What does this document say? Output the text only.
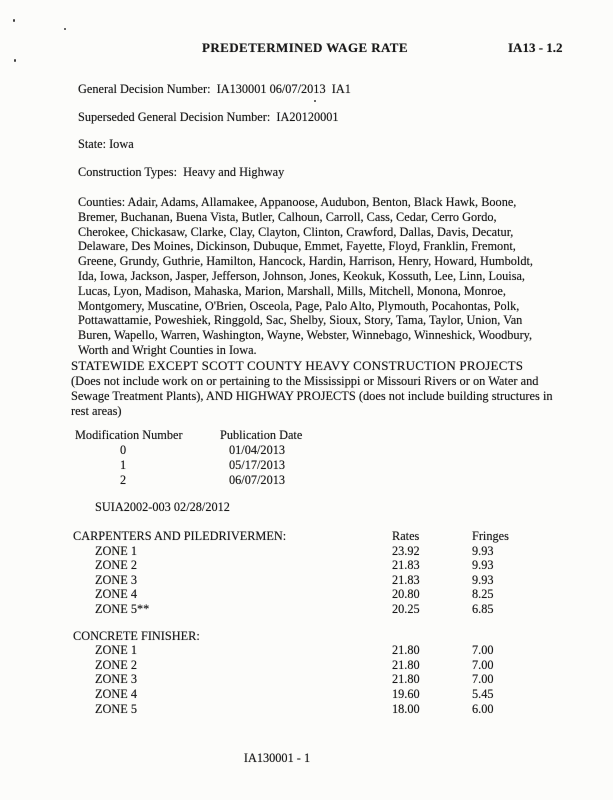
PREDETERMINED WAGE RATE	IA13 - 1.2
General Decision Number:  IA130001 06/07/2013  IA1
Superseded General Decision Number:  IA20120001
State: Iowa
Construction Types:  Heavy and Highway
Counties: Adair, Adams, Allamakee, Appanoose, Audubon, Benton, Black Hawk, Boone, Bremer, Buchanan, Buena Vista, Butler, Calhoun, Carroll, Cass, Cedar, Cerro Gordo, Cherokee, Chickasaw, Clarke, Clay, Clayton, Clinton, Crawford, Dallas, Davis, Decatur, Delaware, Des Moines, Dickinson, Dubuque, Emmet, Fayette, Floyd, Franklin, Fremont, Greene, Grundy, Guthrie, Hamilton, Hancock, Hardin, Harrison, Henry, Howard, Humboldt, Ida, Iowa, Jackson, Jasper, Jefferson, Johnson, Jones, Keokuk, Kossuth, Lee, Linn, Louisa, Lucas, Lyon, Madison, Mahaska, Marion, Marshall, Mills, Mitchell, Monona, Monroe, Montgomery, Muscatine, O'Brien, Osceola, Page, Palo Alto, Plymouth, Pocahontas, Polk, Pottawattamie, Poweshiek, Ringgold, Sac, Shelby, Sioux, Story, Tama, Taylor, Union, Van Buren, Wapello, Warren, Washington, Wayne, Webster, Winnebago, Winneshick, Woodbury, Worth and Wright Counties in Iowa.
STATEWIDE EXCEPT SCOTT COUNTY HEAVY CONSTRUCTION PROJECTS
(Does not include work on or pertaining to the Mississippi or Missouri Rivers or on Water and Sewage Treatment Plants), AND HIGHWAY PROJECTS (does not include building structures in rest areas)
Modification Number	Publication Date
0	01/04/2013
1	05/17/2013
2	06/07/2013
SUIA2002-003 02/28/2012
CARPENTERS AND PILEDRIVERMEN:	Rates	Fringes
ZONE 1	23.92	9.93
ZONE 2	21.83	9.93
ZONE 3	21.83	9.93
ZONE 4	20.80	8.25
ZONE 5**	20.25	6.85
CONCRETE FINISHER:
ZONE 1	21.80	7.00
ZONE 2	21.80	7.00
ZONE 3	21.80	7.00
ZONE 4	19.60	5.45
ZONE 5	18.00	6.00
IA130001 - 1
